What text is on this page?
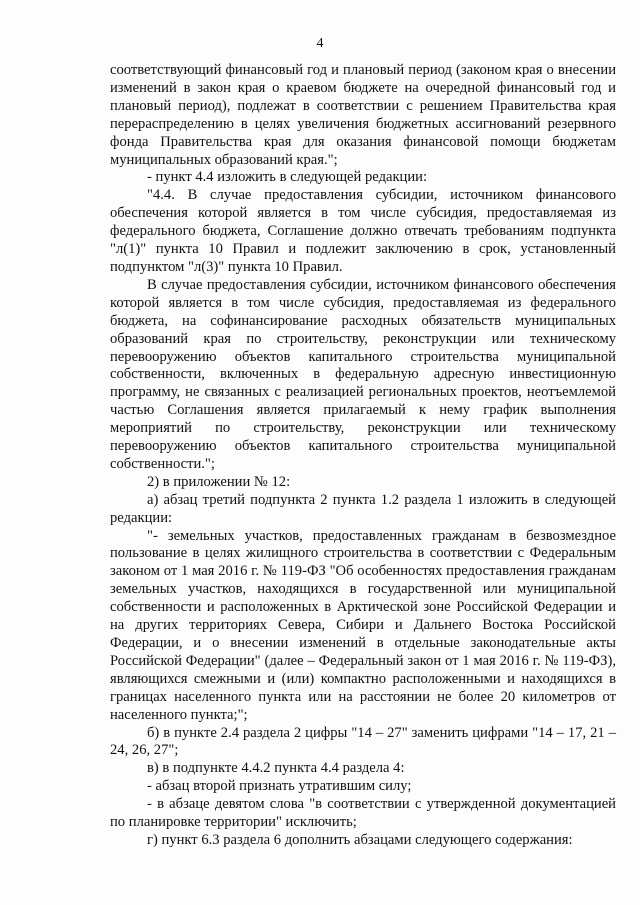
4

соответствующий финансовый год и плановый период (законом края о внесении изменений в закон края о краевом бюджете на очередной финансовый год и плановый период), подлежат в соответствии с решением Правительства края перераспределению в целях увеличения бюджетных ассигнований резервного фонда Правительства края для оказания финансовой помощи бюджетам муниципальных образований края.";

- пункт 4.4 изложить в следующей редакции:

"4.4. В случае предоставления субсидии, источником финансового обеспечения которой является в том числе субсидия, предоставляемая из федерального бюджета, Соглашение должно отвечать требованиям подпункта "л(1)" пункта 10 Правил и подлежит заключению в срок, установленный подпунктом "л(3)" пункта 10 Правил.

В случае предоставления субсидии, источником финансового обеспечения которой является в том числе субсидия, предоставляемая из федерального бюджета, на софинансирование расходных обязательств муниципальных образований края по строительству, реконструкции или техническому перевооружению объектов капитального строительства муниципальной собственности, включенных в федеральную адресную инвестиционную программу, не связанных с реализацией региональных проектов, неотъемлемой частью Соглашения является прилагаемый к нему график выполнения мероприятий по строительству, реконструкции или техническому перевооружению объектов капитального строительства муниципальной собственности.";

2) в приложении № 12:

а) абзац третий подпункта 2 пункта 1.2 раздела 1 изложить в следующей редакции:

"- земельных участков, предоставленных гражданам в безвозмездное пользование в целях жилищного строительства в соответствии с Федеральным законом от 1 мая 2016 г. № 119-ФЗ "Об особенностях предоставления гражданам земельных участков, находящихся в государственной или муниципальной собственности и расположенных в Арктической зоне Российской Федерации и на других территориях Севера, Сибири и Дальнего Востока Российской Федерации, и о внесении изменений в отдельные законодательные акты Российской Федерации" (далее – Федеральный закон от 1 мая 2016 г. № 119-ФЗ), являющихся смежными и (или) компактно расположенными и находящихся в границах населенного пункта или на расстоянии не более 20 километров от населенного пункта;";

б) в пункте 2.4 раздела 2 цифры "14 – 27" заменить цифрами "14 – 17, 21 – 24, 26, 27";

в) в подпункте 4.4.2 пункта 4.4 раздела 4:

- абзац второй признать утратившим силу;

- в абзаце девятом слова "в соответствии с утвержденной документацией по планировке территории" исключить;

г) пункт 6.3 раздела 6 дополнить абзацами следующего содержания:
